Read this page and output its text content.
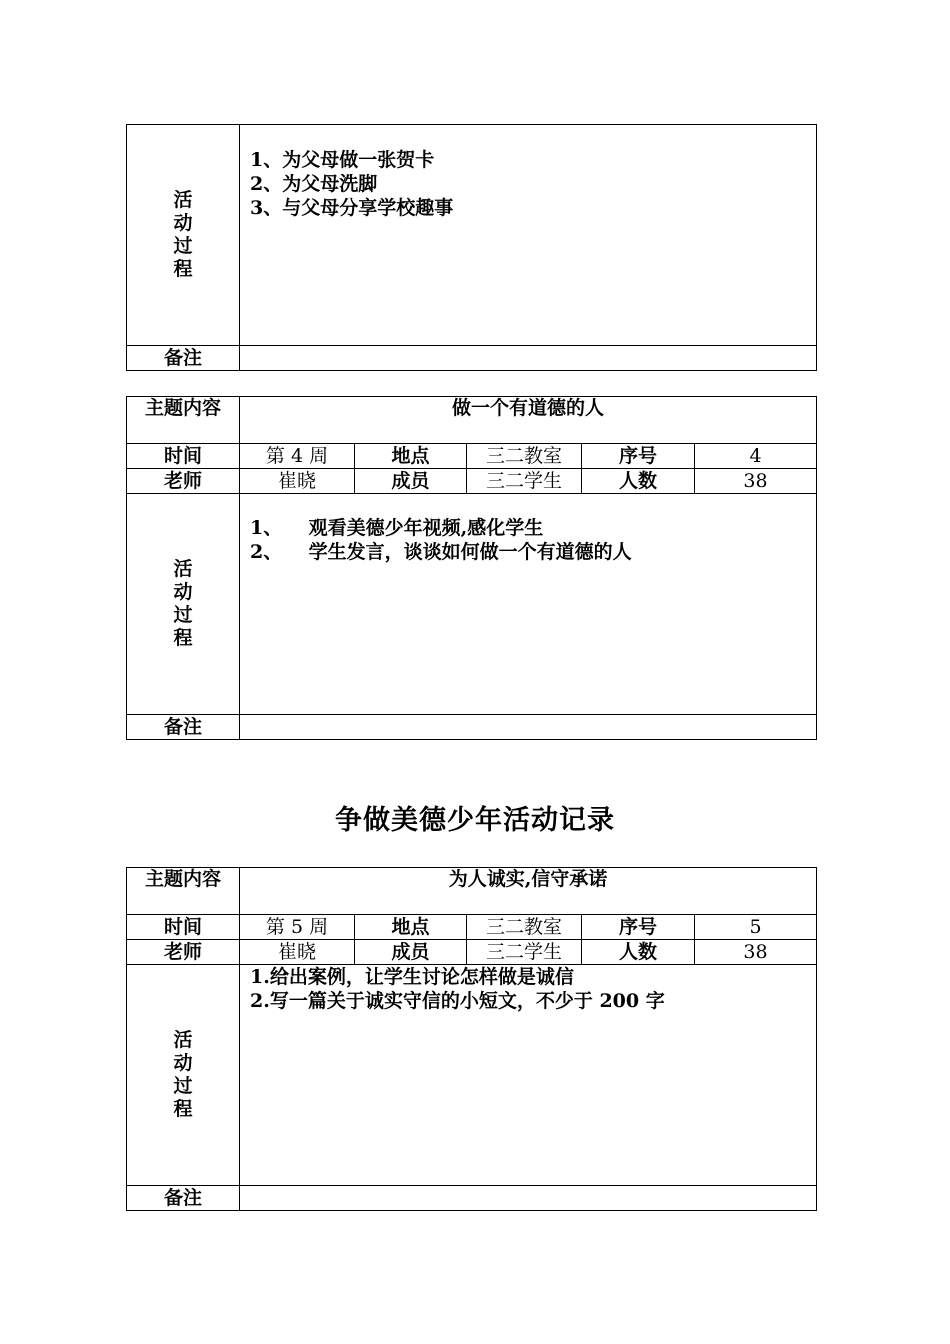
活动过程	1、为父母做一张贺卡
2、为父母洗脚
3、与父母分享学校趣事

备注	
主题内容	做一个有道德的人				
时间	第 4 周	地点	三二教室	序号	4
老师	崔晓	成员	三二学生	人数	38
活动过程	1、    观看美德少年视频,感化学生
2、    学生发言，谈谈如何做一个有道德的人				

备注					
争做美德少年活动记录
主题内容	为人诚实,信守承诺				
时间	第 5 周	地点	三二教室	序号	5
老师	崔晓	成员	三二学生	人数	38
活动过程	1.给出案例，让学生讨论怎样做是诚信
2.写一篇关于诚实守信的小短文，不少于 200 字				

备注					
